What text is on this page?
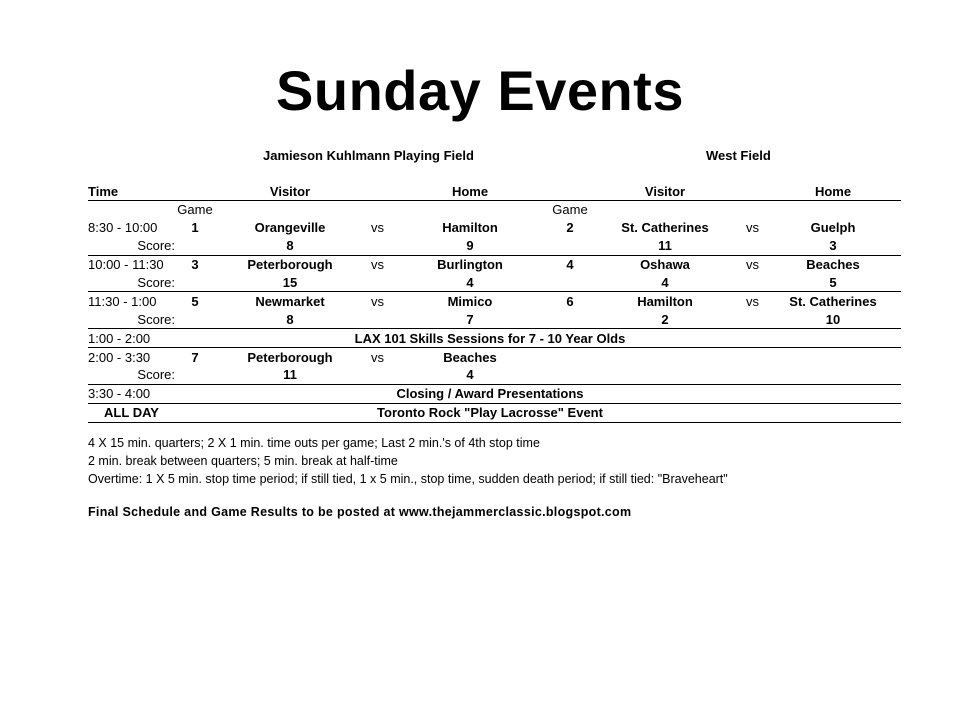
Sunday Events
Jamieson Kuhlmann Playing Field	West Field
Time		Visitor		Home		Visitor		Home
	Game				Game			
8:30 - 10:00	1	Orangeville	vs	Hamilton	2	St. Catherines	vs	Guelph
Score:		8		9		11		3
10:00 - 11:30	3	Peterborough	vs	Burlington	4	Oshawa	vs	Beaches
Score:		15		4		4		5
11:30 - 1:00	5	Newmarket	vs	Mimico	6	Hamilton	vs	St. Catherines
Score:		8		7		2		10
1:00 - 2:00		LAX 101 Skills Sessions for 7 - 10 Year Olds						
2:00 - 3:30	7	Peterborough	vs	Beaches				
Score:		11		4				
3:30 - 4:00		Closing / Award Presentations						
ALL DAY		Toronto Rock "Play Lacrosse" Event						
4 X 15 min. quarters; 2 X 1 min. time outs per game; Last 2 min.'s of 4th stop time
2 min. break between quarters; 5 min. break at half-time
Overtime: 1 X 5 min. stop time period; if still tied, 1 x 5 min., stop time, sudden death period; if still tied: "Braveheart"
Final Schedule and Game Results to be posted at www.thejammerclassic.blogspot.com
